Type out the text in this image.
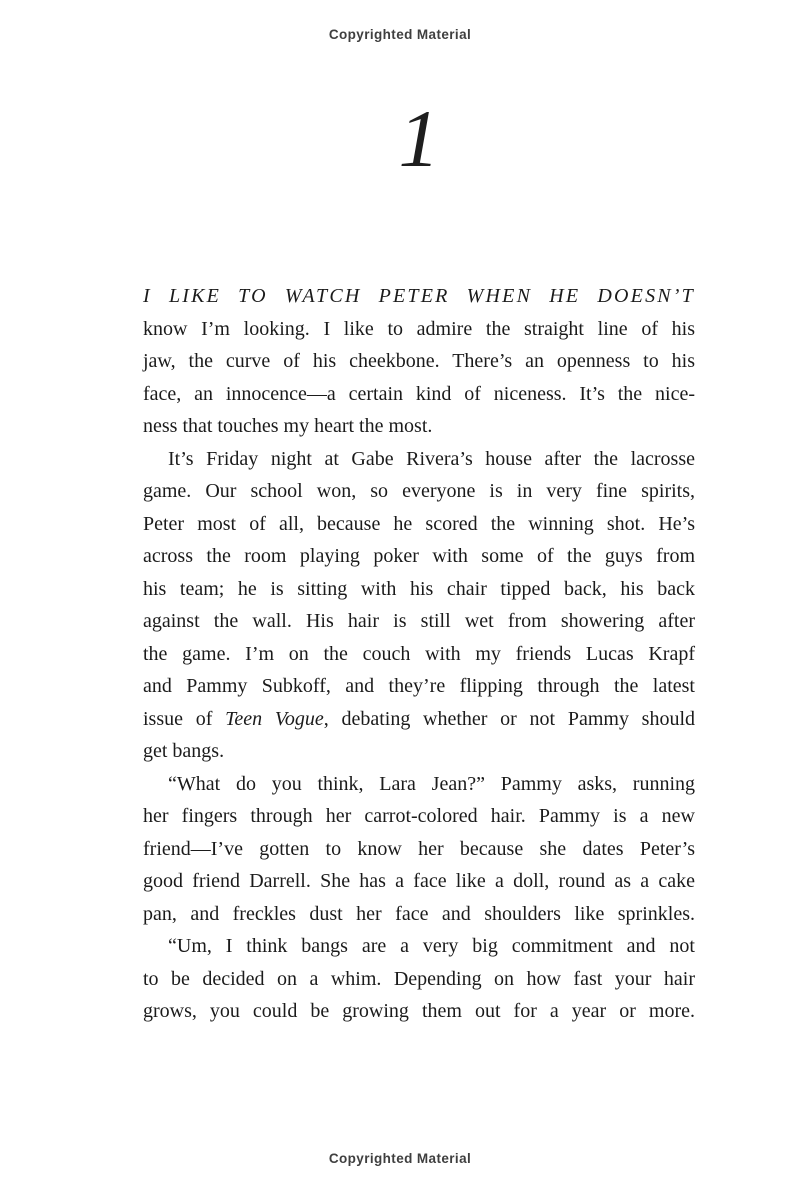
Copyrighted Material
1
I LIKE TO WATCH PETER WHEN HE DOESN’T
know I’m looking. I like to admire the straight line of his
jaw, the curve of his cheekbone. There’s an openness to his
face, an innocence—a certain kind of niceness. It’s the nice-
ness that touches my heart the most.
It’s Friday night at Gabe Rivera’s house after the lacrosse
game. Our school won, so everyone is in very fine spirits,
Peter most of all, because he scored the winning shot. He’s
across the room playing poker with some of the guys from
his team; he is sitting with his chair tipped back, his back
against the wall. His hair is still wet from showering after
the game. I’m on the couch with my friends Lucas Krapf
and Pammy Subkoff, and they’re flipping through the latest
issue of Teen Vogue, debating whether or not Pammy should
get bangs.
“What do you think, Lara Jean?” Pammy asks, running
her fingers through her carrot-colored hair. Pammy is a new
friend—I’ve gotten to know her because she dates Peter’s
good friend Darrell. She has a face like a doll, round as a cake
pan, and freckles dust her face and shoulders like sprinkles.
“Um, I think bangs are a very big commitment and not
to be decided on a whim. Depending on how fast your hair
grows, you could be growing them out for a year or more.
Copyrighted Material
